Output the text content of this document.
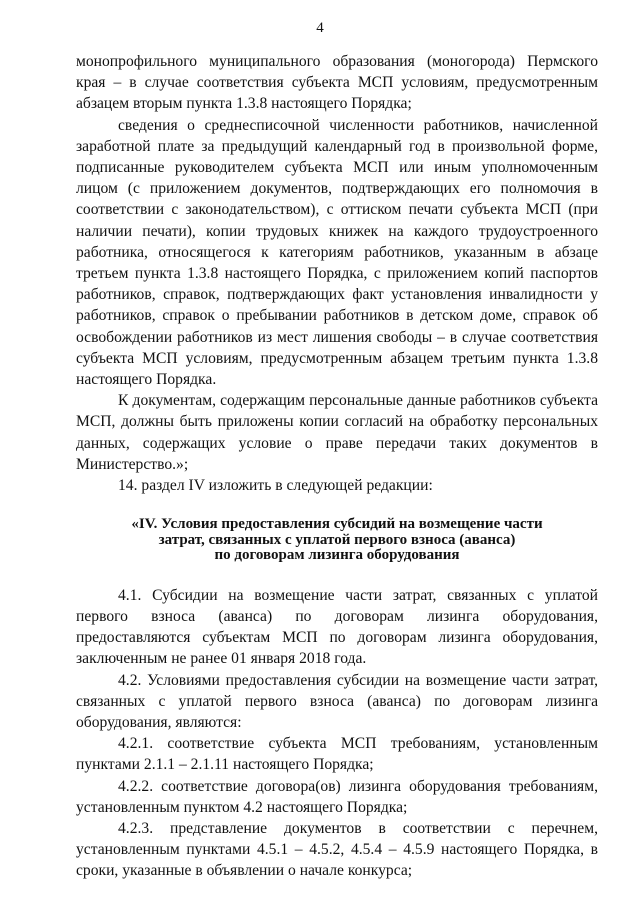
4

монопрофильного муниципального образования (моногорода) Пермского края – в случае соответствия субъекта МСП условиям, предусмотренным абзацем вторым пункта 1.3.8 настоящего Порядка;

сведения о среднесписочной численности работников, начисленной заработной плате за предыдущий календарный год в произвольной форме, подписанные руководителем субъекта МСП или иным уполномоченным лицом (с приложением документов, подтверждающих его полномочия в соответствии с законодательством), с оттиском печати субъекта МСП (при наличии печати), копии трудовых книжек на каждого трудоустроенного работника, относящегося к категориям работников, указанным в абзаце третьем пункта 1.3.8 настоящего Порядка, с приложением копий паспортов работников, справок, подтверждающих факт установления инвалидности у работников, справок о пребывании работников в детском доме, справок об освобождении работников из мест лишения свободы – в случае соответствия субъекта МСП условиям, предусмотренным абзацем третьим пункта 1.3.8 настоящего Порядка.

К документам, содержащим персональные данные работников субъекта МСП, должны быть приложены копии согласий на обработку персональных данных, содержащих условие о праве передачи таких документов в Министерство.»;

14. раздел IV изложить в следующей редакции:

«IV. Условия предоставления субсидий на возмещение части
затрат, связанных с уплатой первого взноса (аванса)
по договорам лизинга оборудования

4.1. Субсидии на возмещение части затрат, связанных с уплатой первого взноса (аванса) по договорам лизинга оборудования, предоставляются субъектам МСП по договорам лизинга оборудования, заключенным не ранее 01 января 2018 года.

4.2. Условиями предоставления субсидии на возмещение части затрат, связанных с уплатой первого взноса (аванса) по договорам лизинга оборудования, являются:

4.2.1. соответствие субъекта МСП требованиям, установленным пунктами 2.1.1 – 2.1.11 настоящего Порядка;

4.2.2. соответствие договора(ов) лизинга оборудования требованиям, установленным пунктом 4.2 настоящего Порядка;

4.2.3. представление документов в соответствии с перечнем, установленным пунктами 4.5.1 – 4.5.2, 4.5.4 – 4.5.9 настоящего Порядка, в сроки, указанные в объявлении о начале конкурса;
